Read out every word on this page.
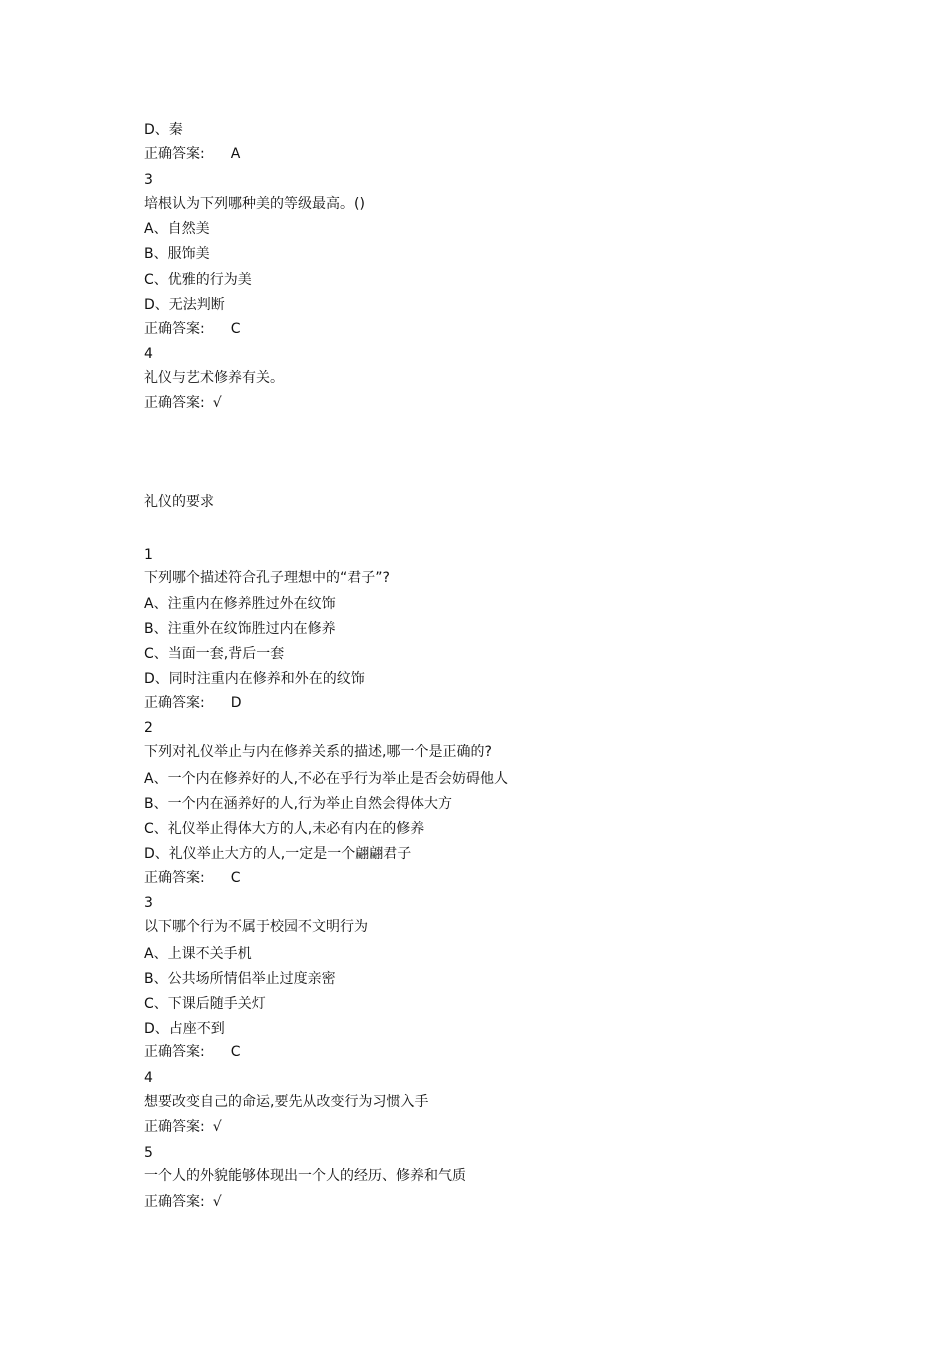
D、秦
正确答案: A
3
培根认为下列哪种美的等级最高。()
A、自然美
B、服饰美
C、优雅的行为美
D、无法判断
正确答案: C
4
礼仪与艺术修养有关。
正确答案: √
礼仪的要求
1
下列哪个描述符合孔子理想中的“君子”?
A、注重内在修养胜过外在纹饰
B、注重外在纹饰胜过内在修养
C、当面一套,背后一套
D、同时注重内在修养和外在的纹饰
正确答案: D
2
下列对礼仪举止与内在修养关系的描述,哪一个是正确的?
A、一个内在修养好的人,不必在乎行为举止是否会妨碍他人
B、一个内在涵养好的人,行为举止自然会得体大方
C、礼仪举止得体大方的人,未必有内在的修养
D、礼仪举止大方的人,一定是一个翩翩君子
正确答案: C
3
以下哪个行为不属于校园不文明行为
A、上课不关手机
B、公共场所情侣举止过度亲密
C、下课后随手关灯
D、占座不到
正确答案: C
4
想要改变自己的命运,要先从改变行为习惯入手
正确答案: √
5
一个人的外貌能够体现出一个人的经历、修养和气质
正确答案: √
